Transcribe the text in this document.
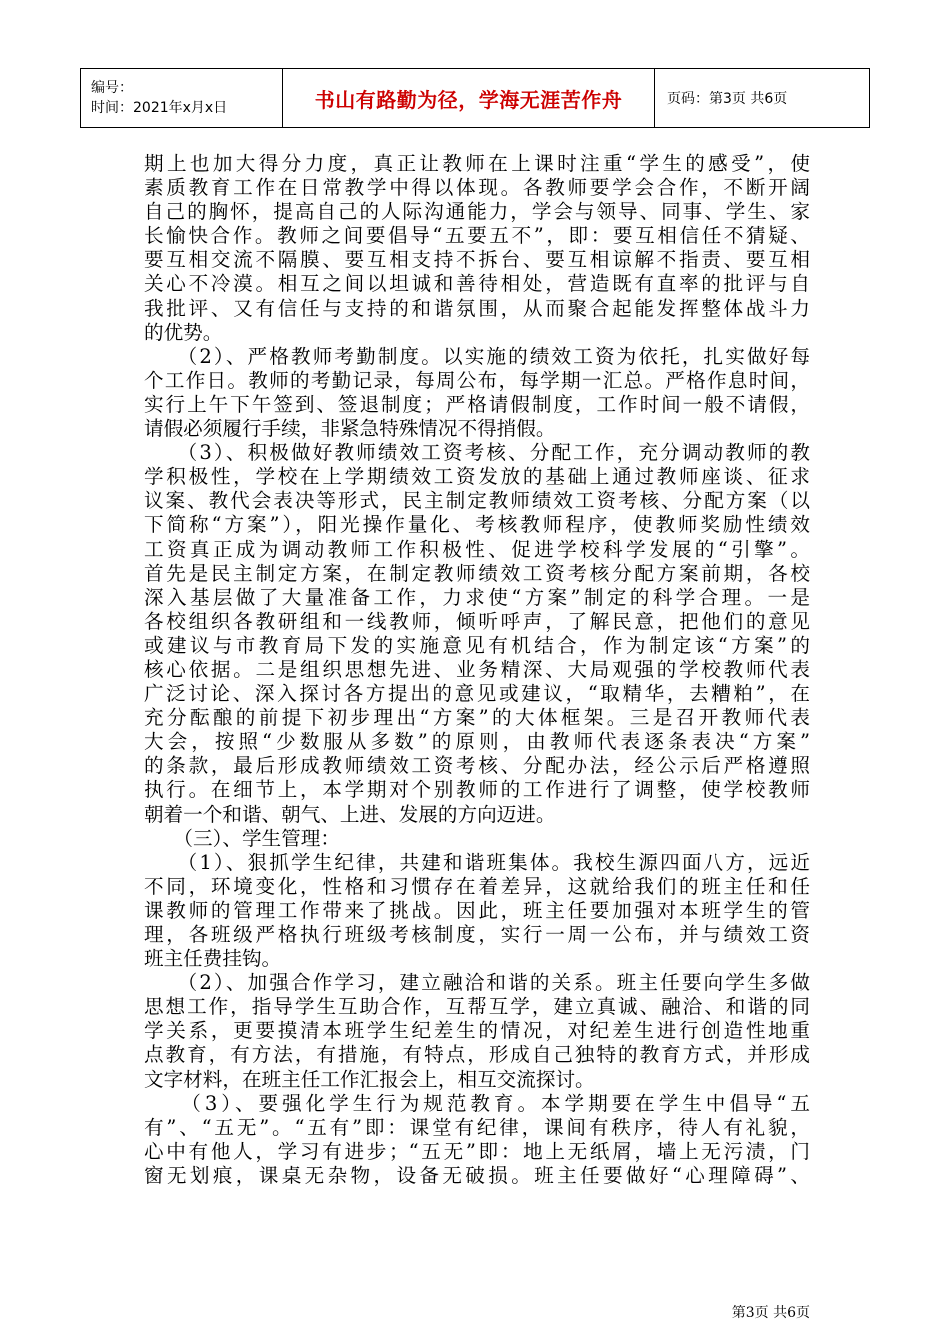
编号：
时间：2021年x月x日	书山有路勤为径，学海无涯苦作舟	页码：第3页 共6页
期上也加大得分力度，真正让教师在上课时注重“学生的感受”，使
素质教育工作在日常教学中得以体现。各教师要学会合作，不断开阔
自己的胸怀，提高自己的人际沟通能力，学会与领导、同事、学生、家
长愉快合作。教师之间要倡导“五要五不”，即：要互相信任不猜疑、
要互相交流不隔膜、要互相支持不拆台、要互相谅解不指责、要互相
关心不冷漠。相互之间以坦诚和善待相处，营造既有直率的批评与自
我批评、又有信任与支持的和谐氛围，从而聚合起能发挥整体战斗力
的优势。
　　（2）、严格教师考勤制度。以实施的绩效工资为依托，扎实做好每
个工作日。教师的考勤记录，每周公布，每学期一汇总。严格作息时间，
实行上午下午签到、签退制度；严格请假制度，工作时间一般不请假，
请假必须履行手续，非紧急特殊情况不得捎假。
　　（3）、积极做好教师绩效工资考核、分配工作，充分调动教师的教
学积极性，学校在上学期绩效工资发放的基础上通过教师座谈、征求
议案、教代会表决等形式，民主制定教师绩效工资考核、分配方案（以
下简称“方案”），阳光操作量化、考核教师程序，使教师奖励性绩效
工资真正成为调动教师工作积极性、促进学校科学发展的“引擎”。
首先是民主制定方案，在制定教师绩效工资考核分配方案前期，各校
深入基层做了大量准备工作，力求使“方案”制定的科学合理。一是
各校组织各教研组和一线教师，倾听呼声，了解民意，把他们的意见
或建议与市教育局下发的实施意见有机结合，作为制定该“方案”的
核心依据。二是组织思想先进、业务精深、大局观强的学校教师代表
广泛讨论、深入探讨各方提出的意见或建议，“取精华，去糟粕”，在
充分酝酿的前提下初步理出“方案”的大体框架。三是召开教师代表
大会，按照“少数服从多数”的原则，由教师代表逐条表决“方案”
的条款，最后形成教师绩效工资考核、分配办法，经公示后严格遵照
执行。在细节上，本学期对个别教师的工作进行了调整，使学校教师
朝着一个和谐、朝气、上进、发展的方向迈进。
　　（三）、学生管理：
　　（1）、狠抓学生纪律，共建和谐班集体。我校生源四面八方，远近
不同，环境变化，性格和习惯存在着差异，这就给我们的班主任和任
课教师的管理工作带来了挑战。因此，班主任要加强对本班学生的管
理，各班级严格执行班级考核制度，实行一周一公布，并与绩效工资
班主任费挂钩。
　　（2）、加强合作学习，建立融洽和谐的关系。班主任要向学生多做
思想工作，指导学生互助合作，互帮互学，建立真诚、融洽、和谐的同
学关系，更要摸清本班学生纪差生的情况，对纪差生进行创造性地重
点教育，有方法，有措施，有特点，形成自己独特的教育方式，并形成
文字材料，在班主任工作汇报会上，相互交流探讨。
　　（3）、要强化学生行为规范教育。本学期要在学生中倡导“五
有”、“五无”。“五有”即：课堂有纪律，课间有秩序，待人有礼貌，
心中有他人，学习有进步；“五无”即：地上无纸屑，墙上无污渍，门
窗无划痕，课桌无杂物，设备无破损。班主任要做好“心理障碍”、
第3页 共6页
